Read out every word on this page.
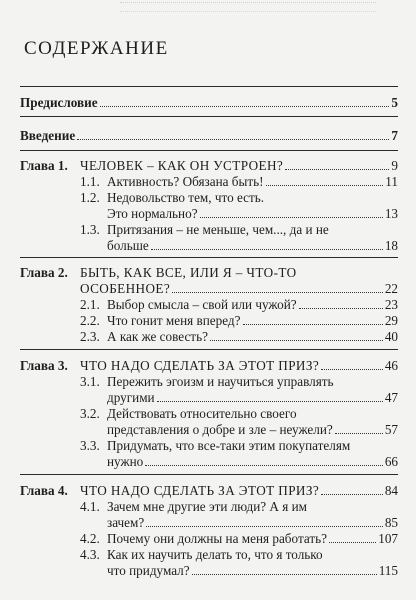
СОДЕРЖАНИЕ
Предисловие	5
Введение	7
Глава 1. ЧЕЛОВЕК – КАК ОН УСТРОЕН?	9
1.1. Активность? Обязана быть!	11
1.2. Недовольство тем, что есть.
Это нормально?	13
1.3. Притязания – не меньше, чем..., да и не
больше	18
Глава 2. БЫТЬ, КАК ВСЕ, ИЛИ Я – ЧТО-ТО
ОСОБЕННОЕ?	22
2.1. Выбор смысла – свой или чужой?	23
2.2. Что гонит меня вперед?	29
2.3. А как же совесть?	40
Глава 3. ЧТО НАДО СДЕЛАТЬ ЗА ЭТОТ ПРИЗ?	46
3.1. Пережить эгоизм и научиться управлять
другими	47
3.2. Действовать относительно своего
представления о добре и зле – неужели?	57
3.3. Придумать, что все-таки этим покупателям
нужно	66
Глава 4. ЧТО НАДО СДЕЛАТЬ ЗА ЭТОТ ПРИЗ?	84
4.1. Зачем мне другие эти люди? А я им
зачем?	85
4.2. Почему они должны на меня работать?	107
4.3. Как их научить делать то, что я только
что придумал?	115
